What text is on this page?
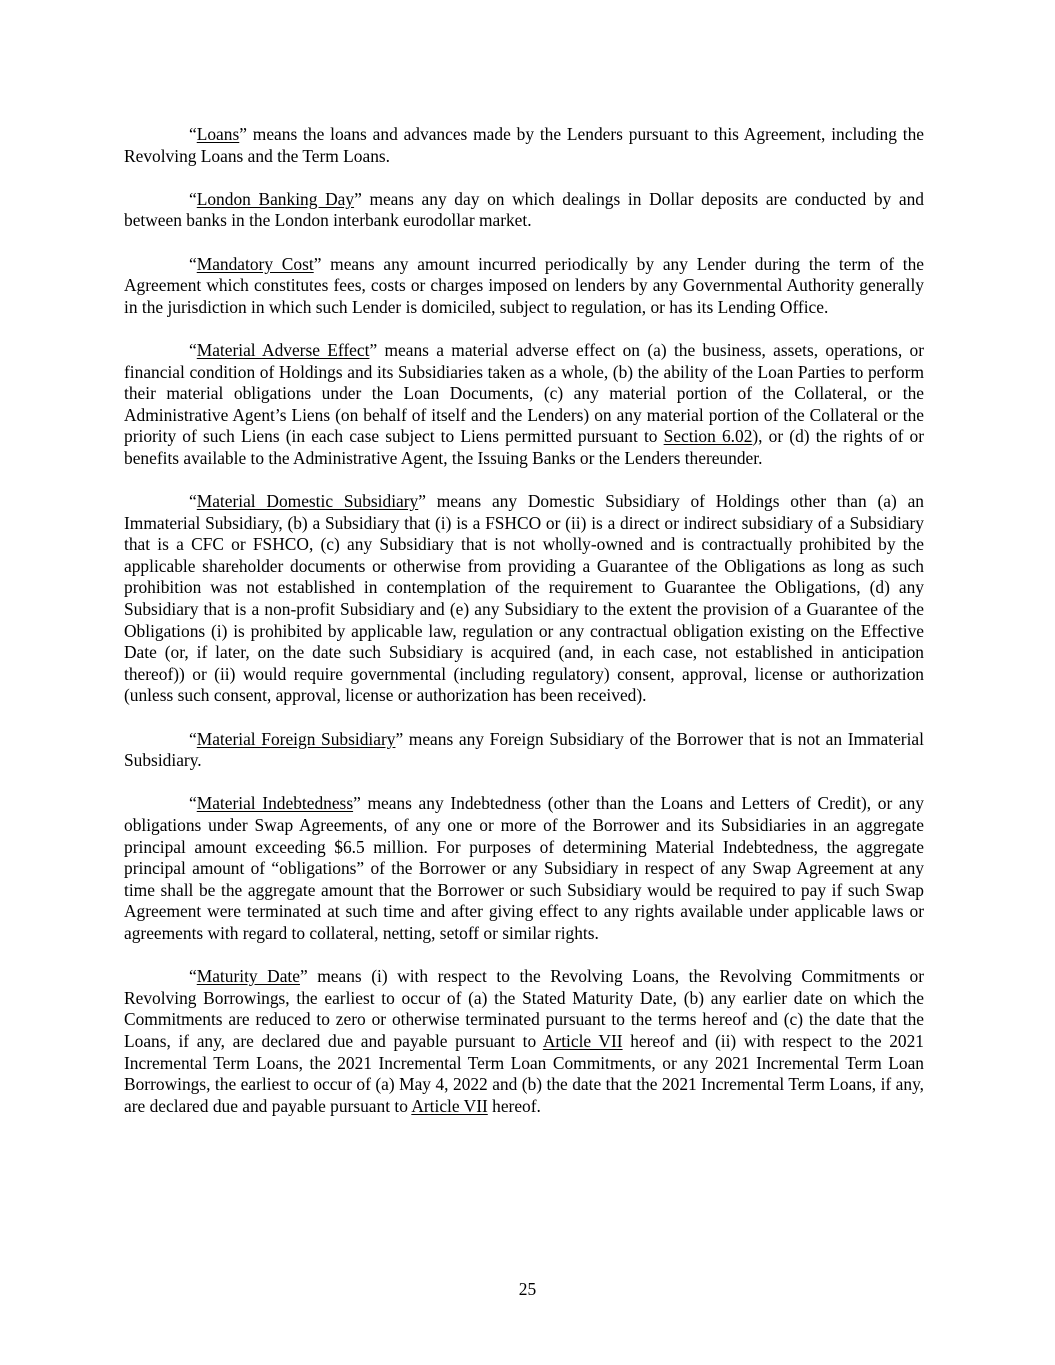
“Loans” means the loans and advances made by the Lenders pursuant to this Agreement, including the Revolving Loans and the Term Loans.

“London Banking Day” means any day on which dealings in Dollar deposits are conducted by and between banks in the London interbank eurodollar market.

“Mandatory Cost” means any amount incurred periodically by any Lender during the term of the Agreement which constitutes fees, costs or charges imposed on lenders by any Governmental Authority generally in the jurisdiction in which such Lender is domiciled, subject to regulation, or has its Lending Office.

“Material Adverse Effect” means a material adverse effect on (a) the business, assets, operations, or financial condition of Holdings and its Subsidiaries taken as a whole, (b) the ability of the Loan Parties to perform their material obligations under the Loan Documents, (c) any material portion of the Collateral, or the Administrative Agent’s Liens (on behalf of itself and the Lenders) on any material portion of the Collateral or the priority of such Liens (in each case subject to Liens permitted pursuant to Section 6.02), or (d) the rights of or benefits available to the Administrative Agent, the Issuing Banks or the Lenders thereunder.

“Material Domestic Subsidiary” means any Domestic Subsidiary of Holdings other than (a) an Immaterial Subsidiary, (b) a Subsidiary that (i) is a FSHCO or (ii) is a direct or indirect subsidiary of a Subsidiary that is a CFC or FSHCO, (c) any Subsidiary that is not wholly-owned and is contractually prohibited by the applicable shareholder documents or otherwise from providing a Guarantee of the Obligations as long as such prohibition was not established in contemplation of the requirement to Guarantee the Obligations, (d) any Subsidiary that is a non-profit Subsidiary and (e) any Subsidiary to the extent the provision of a Guarantee of the Obligations (i) is prohibited by applicable law, regulation or any contractual obligation existing on the Effective Date (or, if later, on the date such Subsidiary is acquired (and, in each case, not established in anticipation thereof)) or (ii) would require governmental (including regulatory) consent, approval, license or authorization (unless such consent, approval, license or authorization has been received).

“Material Foreign Subsidiary” means any Foreign Subsidiary of the Borrower that is not an Immaterial Subsidiary.

“Material Indebtedness” means any Indebtedness (other than the Loans and Letters of Credit), or any obligations under Swap Agreements, of any one or more of the Borrower and its Subsidiaries in an aggregate principal amount exceeding $6.5 million. For purposes of determining Material Indebtedness, the aggregate principal amount of “obligations” of the Borrower or any Subsidiary in respect of any Swap Agreement at any time shall be the aggregate amount that the Borrower or such Subsidiary would be required to pay if such Swap Agreement were terminated at such time and after giving effect to any rights available under applicable laws or agreements with regard to collateral, netting, setoff or similar rights.

“Maturity Date” means (i) with respect to the Revolving Loans, the Revolving Commitments or Revolving Borrowings, the earliest to occur of (a) the Stated Maturity Date, (b) any earlier date on which the Commitments are reduced to zero or otherwise terminated pursuant to the terms hereof and (c) the date that the Loans, if any, are declared due and payable pursuant to Article VII hereof and (ii) with respect to the 2021 Incremental Term Loans, the 2021 Incremental Term Loan Commitments, or any 2021 Incremental Term Loan Borrowings, the earliest to occur of (a) May 4, 2022 and (b) the date that the 2021 Incremental Term Loans, if any, are declared due and payable pursuant to Article VII hereof.

25
